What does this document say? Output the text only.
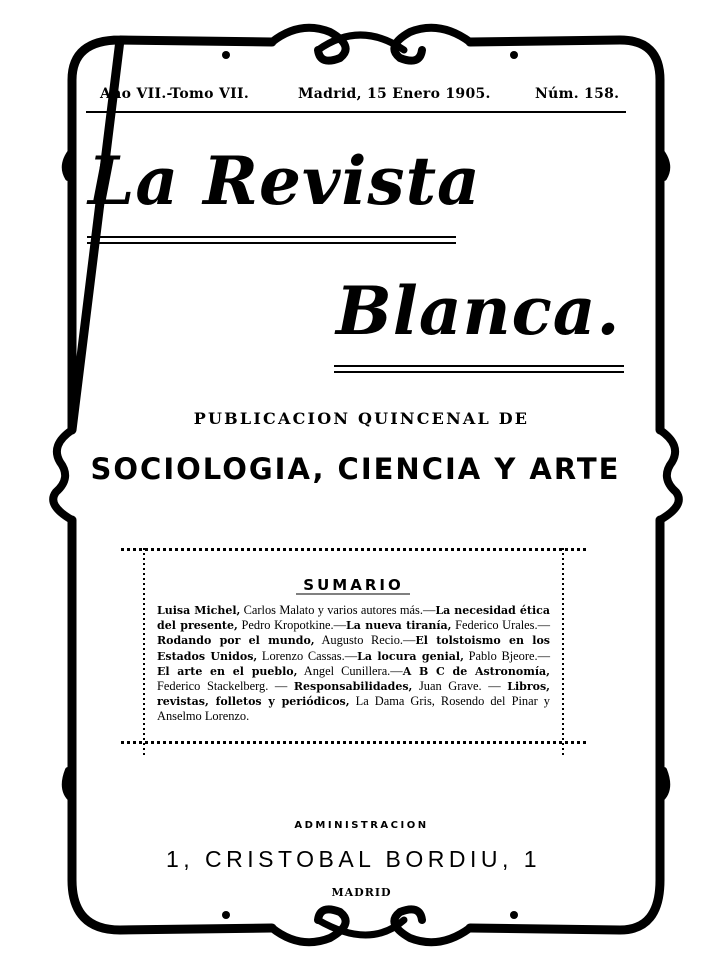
Año VII.-Tomo VII.	Madrid, 15 Enero 1905.	Núm. 158.
La Revista
Blanca.
PUBLICACION QUINCENAL DE
SOCIOLOGIA, CIENCIA Y ARTE
SUMARIO
Luisa Michel, Carlos Malato y varios autores más.—La necesidad ética del presente, Pedro Kropotkine.—La nueva tiranía, Federico Urales.—Rodando por el mundo, Augusto Recio.—El tolstoismo en los Estados Unidos, Lorenzo Cassas.—La locura genial, Pablo Bjeore.—El arte en el pueblo, Angel Cunillera.—A B C de Astronomía, Federico Stackelberg. — Responsabilidades, Juan Grave. — Libros, revistas, folletos y periódicos, La Dama Gris, Rosendo del Pinar y Anselmo Lorenzo.
ADMINISTRACION
1, CRISTOBAL BORDIU, 1
MADRID
